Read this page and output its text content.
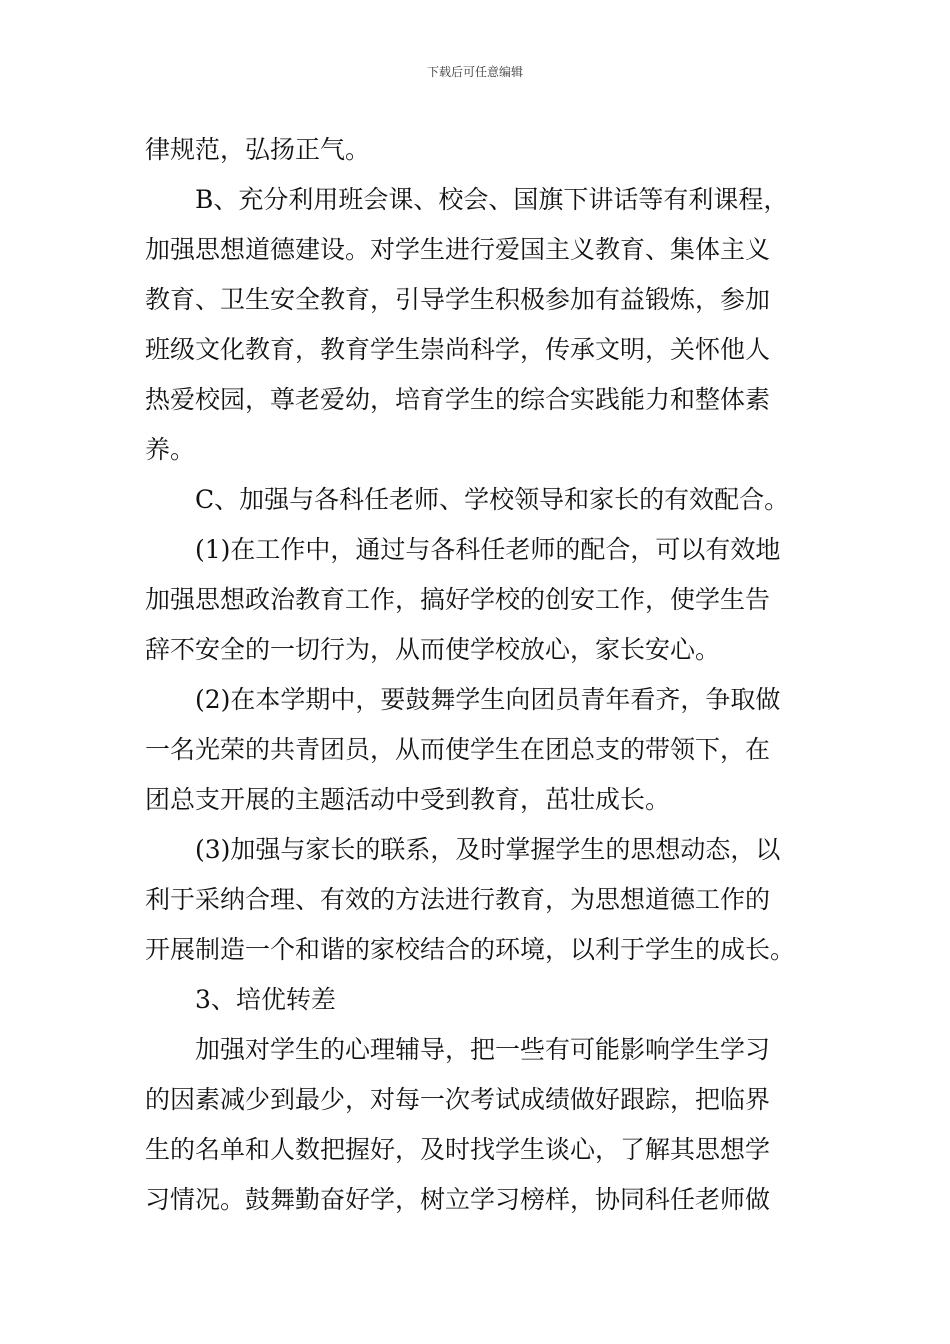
下载后可任意编辑
律规范，弘扬正气。
B、充分利用班会课、校会、国旗下讲话等有利课程，
加强思想道德建设。对学生进行爱国主义教育、集体主义
教育、卫生安全教育，引导学生积极参加有益锻炼，参加
班级文化教育，教育学生崇尚科学，传承文明，关怀他人
热爱校园，尊老爱幼，培育学生的综合实践能力和整体素
养。
C、加强与各科任老师、学校领导和家长的有效配合。
(1)在工作中，通过与各科任老师的配合，可以有效地
加强思想政治教育工作，搞好学校的创安工作，使学生告
辞不安全的一切行为，从而使学校放心，家长安心。
(2)在本学期中，要鼓舞学生向团员青年看齐，争取做
一名光荣的共青团员，从而使学生在团总支的带领下，在
团总支开展的主题活动中受到教育，茁壮成长。
(3)加强与家长的联系，及时掌握学生的思想动态，以
利于采纳合理、有效的方法进行教育，为思想道德工作的
开展制造一个和谐的家校结合的环境，以利于学生的成长。
3、培优转差
加强对学生的心理辅导，把一些有可能影响学生学习
的因素减少到最少，对每一次考试成绩做好跟踪，把临界
生的名单和人数把握好，及时找学生谈心，了解其思想学
习情况。鼓舞勤奋好学，树立学习榜样，协同科任老师做
